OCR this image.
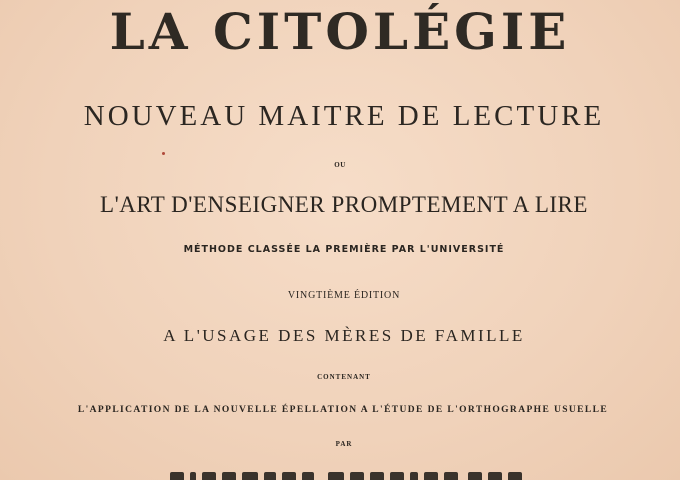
LA CITOLÉGIE
NOUVEAU MAITRE DE LECTURE
OU
L'ART D'ENSEIGNER PROMPTEMENT A LIRE
MÉTHODE CLASSÉE LA PREMIÈRE PAR L'UNIVERSITÉ
VINGTIÈME ÉDITION
A L'USAGE DES MÈRES DE FAMILLE
CONTENANT
L'APPLICATION DE LA NOUVELLE ÉPELLATION A L'ÉTUDE DE L'ORTHOGRAPHE USUELLE
PAR
